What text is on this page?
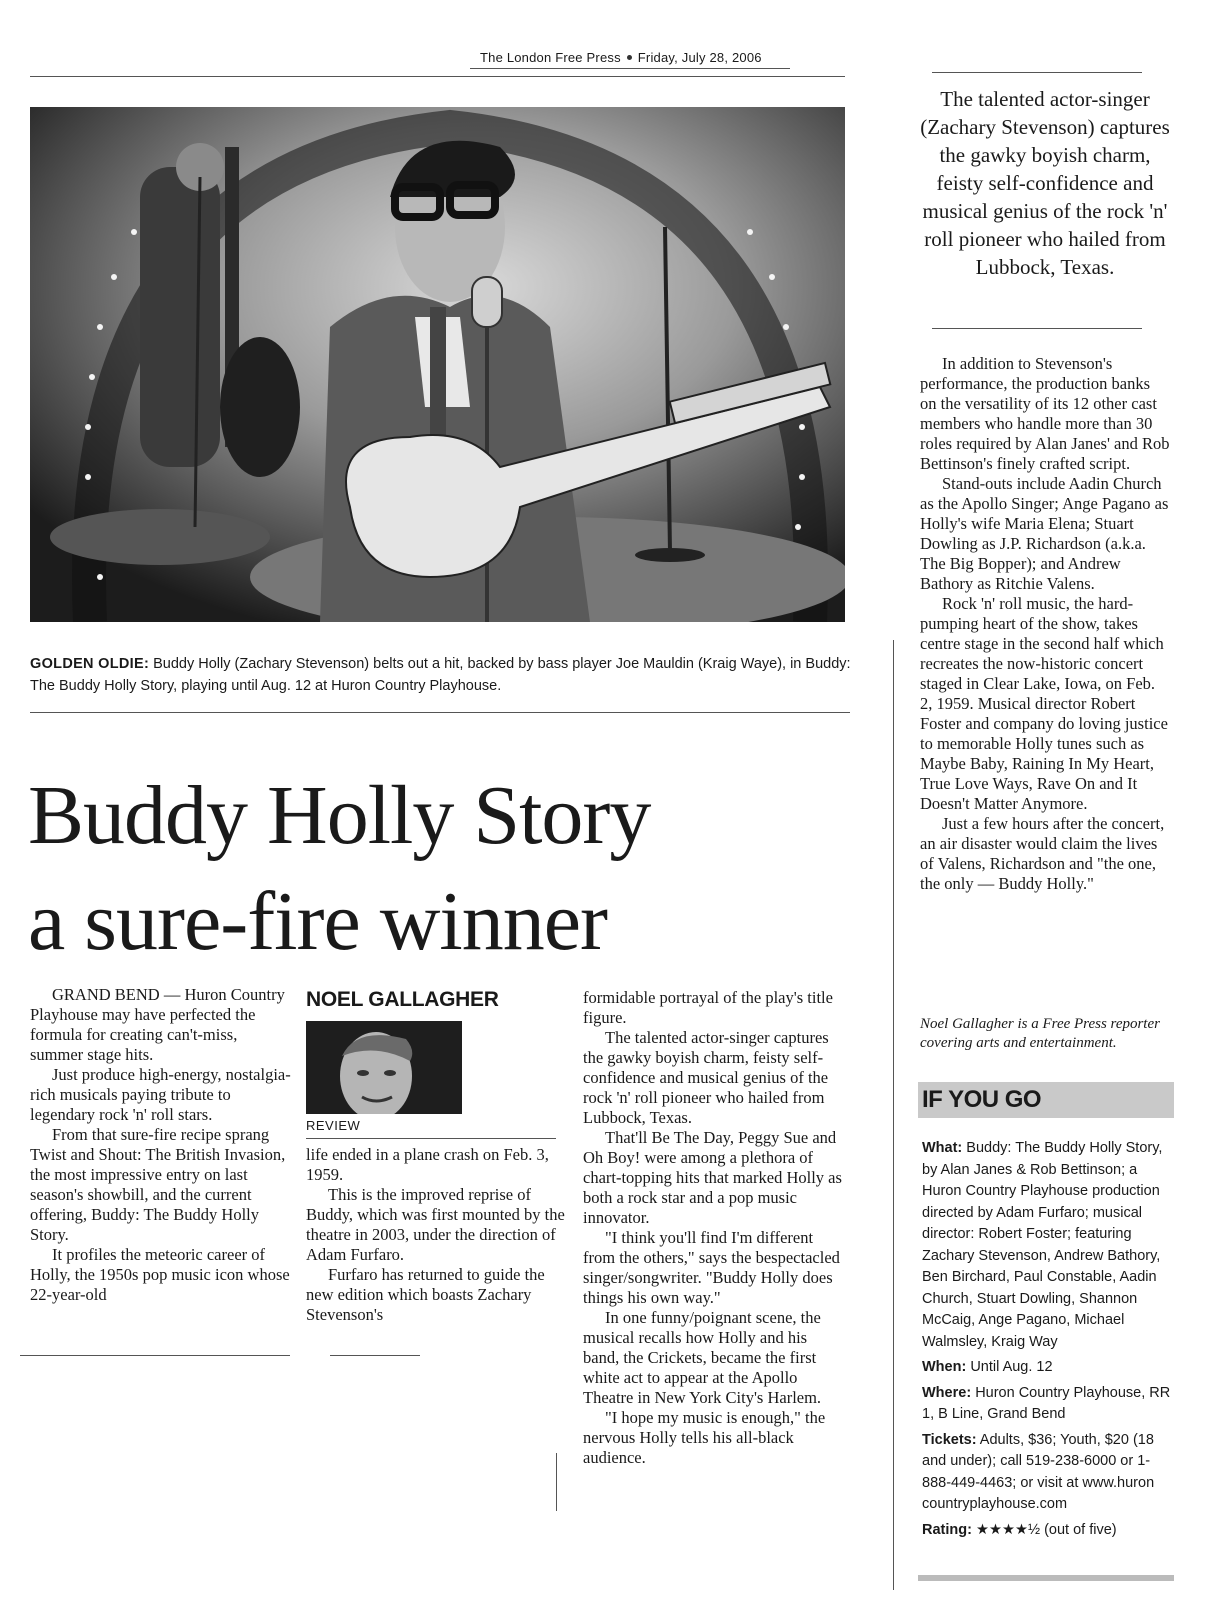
The London Free Press Friday, July 28, 2006
GOLDEN OLDIE: Buddy Holly (Zachary Stevenson) belts out a hit, backed by bass player Joe Mauldin (Kraig Waye), in Buddy: The Buddy Holly Story, playing until Aug. 12 at Huron Country Playhouse.
Buddy Holly Story
a sure-fire winner

GRAND BEND — Huron Country Playhouse may have perfected the formula for creating can't-miss, summer stage hits.

Just produce high-energy, nostalgia-rich musicals paying tribute to legendary rock 'n' roll stars.

From that sure-fire recipe sprang Twist and Shout: The British Invasion, the most impressive entry on last season's showbill, and the current offering, Buddy: The Buddy Holly Story.

It profiles the meteoric career of Holly, the 1950s pop music icon whose 22-year-old

NOEL GALLAGHER
REVIEW

life ended in a plane crash on Feb. 3, 1959.

This is the improved reprise of Buddy, which was first mounted by the theatre in 2003, under the direction of Adam Furfaro.

Furfaro has returned to guide the new edition which boasts Zachary Stevenson's

formidable portrayal of the play's title figure.

The talented actor-singer captures the gawky boyish charm, feisty self-confidence and musical genius of the rock 'n' roll pioneer who hailed from Lubbock, Texas.

That'll Be The Day, Peggy Sue and Oh Boy! were among a plethora of chart-topping hits that marked Holly as both a rock star and a pop music innovator.

"I think you'll find I'm different from the others," says the bespectacled singer/songwriter. "Buddy Holly does things his own way."

In one funny/poignant scene, the musical recalls how Holly and his band, the Crickets, became the first white act to appear at the Apollo Theatre in New York City's Harlem.

"I hope my music is enough," the nervous Holly tells his all-black audience.

The talented actor-singer (Zachary Stevenson) captures the gawky boyish charm, feisty self-confidence and musical genius of the rock 'n' roll pioneer who hailed from Lubbock, Texas.

In addition to Stevenson's performance, the production banks on the versatility of its 12 other cast members who handle more than 30 roles required by Alan Janes' and Rob Bettinson's finely crafted script.

Stand-outs include Aadin Church as the Apollo Singer; Ange Pagano as Holly's wife Maria Elena; Stuart Dowling as J.P. Richardson (a.k.a. The Big Bopper); and Andrew Bathory as Ritchie Valens.

Rock 'n' roll music, the hard-pumping heart of the show, takes centre stage in the second half which recreates the now-historic concert staged in Clear Lake, Iowa, on Feb. 2, 1959. Musical director Robert Foster and company do loving justice to memorable Holly tunes such as Maybe Baby, Raining In My Heart, True Love Ways, Rave On and It Doesn't Matter Anymore.

Just a few hours after the concert, an air disaster would claim the lives of Valens, Richardson and "the one, the only — Buddy Holly."

Noel Gallagher is a Free Press reporter covering arts and entertainment.
IF YOU GO
What: Buddy: The Buddy Holly Story, by Alan Janes & Rob Bettinson; a Huron Country Playhouse production directed by Adam Furfaro; musical director: Robert Foster; featuring Zachary Stevenson, Andrew Bathory, Ben Birchard, Paul Constable, Aadin Church, Stuart Dowling, Shannon McCaig, Ange Pagano, Michael Walmsley, Kraig Way
When: Until Aug. 12
Where: Huron Country Playhouse, RR 1, B Line, Grand Bend
Tickets: Adults, $36; Youth, $20 (18 and under); call 519-238-6000 or 1-888-449-4463; or visit at www.huron countryplayhouse.com
Rating: ★★★★½ (out of five)
